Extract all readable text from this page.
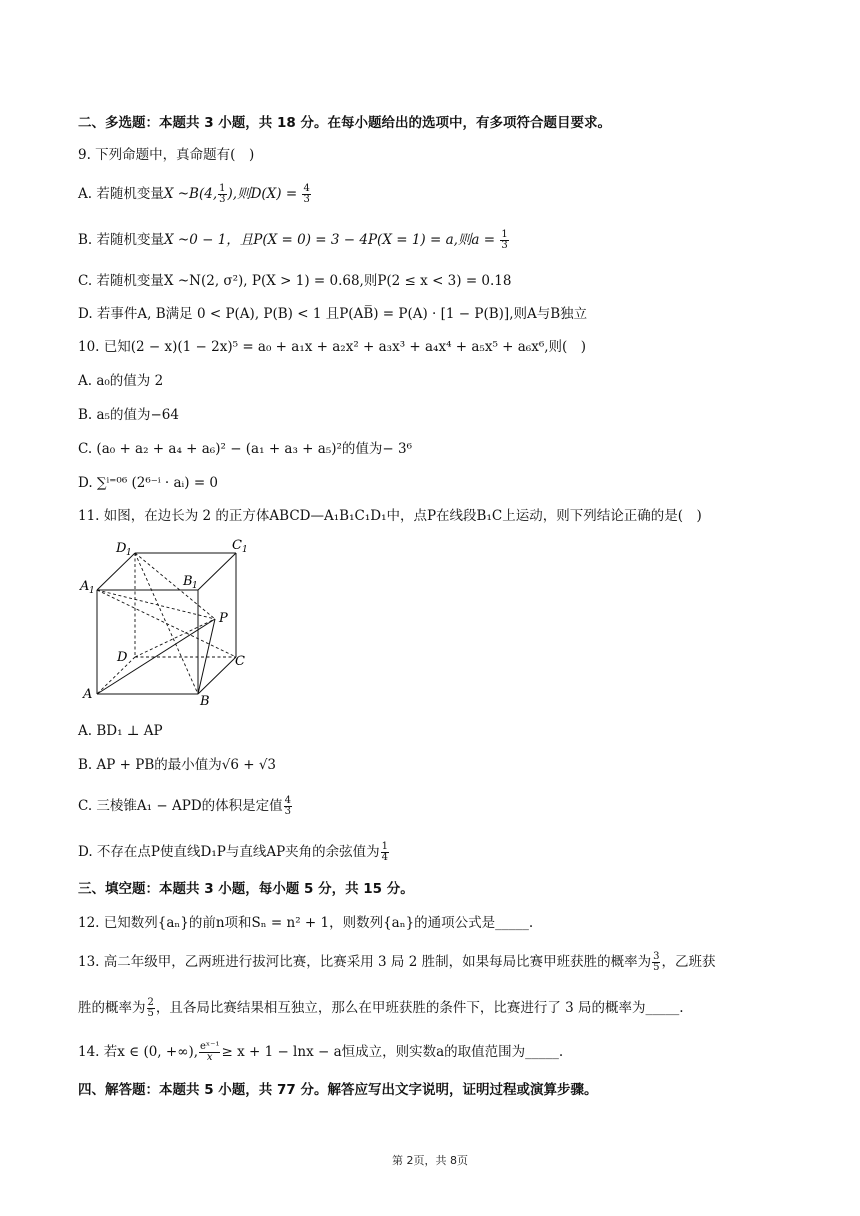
二、多选题：本题共 3 小题，共 18 分。在每小题给出的选项中，有多项符合题目要求。
9. 下列命题中，真命题有(　)
A. 若随机变量X ~B(4, $\frac{1}{3}$ ),则$D(X) = \frac{4}{3}$
B. 若随机变量X ~0 − 1，且P(X = 0) = 3 − 4P(X = 1) = a,则$a = \frac{1}{3}$
C. 若随机变量X ~N(2, σ²), P(X > 1) = 0.68,则P(2 ≤ x < 3) = 0.18
D. 若事件A, B满足 0 < P(A), P(B) < 1 且P(AB̅) = P(A) · [1 − P(B)],则A与B独立
10. 已知(2 − x)(1 − 2x)⁵ = a₀ + a₁x + a₂x² + a₃x³ + a₄x⁴ + a₅x⁵ + a₆x⁶,则(　)
A. a₀的值为 2
B. a₅的值为−64
C. (a₀ + a₂ + a₄ + a₆)² − (a₁ + a₃ + a₅)²的值为− 3⁶
D. ∑ⁱ⁼⁰⁶ (2⁶⁻ⁱ · aᵢ) = 0
11. 如图，在边长为 2 的正方体ABCD—A₁B₁C₁D₁中，点P在线段B₁C上运动，则下列结论正确的是(　)
D 1	C 1
A 1
B 1
P
D	C
A	B
A. BD₁ ⊥ AP
B. AP + PB的最小值为√6 + √3
C. 三棱锥A₁ − APD的体积是定值 $\frac{4}{3}$
D. 不存在点P使直线D₁P与直线AP夹角的余弦值为 $\frac{1}{4}$
三、填空题：本题共 3 小题，每小题 5 分，共 15 分。
12. 已知数列{aₙ}的前n项和Sₙ = n² + 1，则数列{aₙ}的通项公式是_____.
13. 高二年级甲，乙两班进行拔河比赛，比赛采用 3 局 2 胜制，如果每局比赛甲班获胜的概率为 $\frac{3}{5}$ ，乙班获
胜的概率为 $\frac{2}{5}$ ，且各局比赛结果相互独立，那么在甲班获胜的条件下，比赛进行了 3 局的概率为_____.
14. 若x ∈ (0, +∞), $\frac{\text{eˣ⁻¹}}{x} \ge x + 1 - \ln x - a$恒成立，则实数a的取值范围为_____.
四、解答题：本题共 5 小题，共 77 分。解答应写出文字说明，证明过程或演算步骤。
第 2页，共 8页
